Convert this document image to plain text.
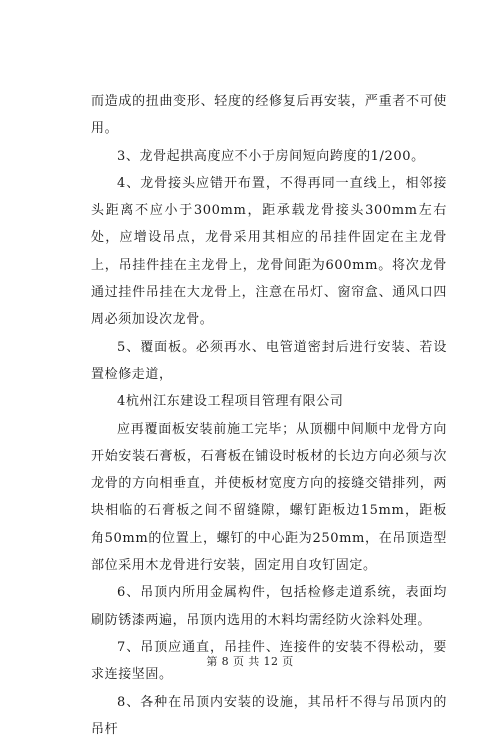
而造成的扭曲变形、轻度的经修复后再安装，严重者不可使用。

3、龙骨起拱高度应不小于房间短向跨度的1/200。

4、龙骨接头应错开布置，不得再同一直线上，相邻接头距离不应小于300mm，距承载龙骨接头300mm左右处，应增设吊点，龙骨采用其相应的吊挂件固定在主龙骨上，吊挂件挂在主龙骨上，龙骨间距为600mm。将次龙骨通过挂件吊挂在大龙骨上，注意在吊灯、窗帘盒、通风口四周必须加设次龙骨。

5、覆面板。必须再水、电管道密封后进行安装、若设置检修走道，

4杭州江东建设工程项目管理有限公司

应再覆面板安装前施工完毕；从顶棚中间顺中龙骨方向开始安装石膏板，石膏板在铺设时板材的长边方向必须与次龙骨的方向相垂直，并使板材宽度方向的接缝交错排列，两块相临的石膏板之间不留缝隙，螺钉距板边15mm，距板角50mm的位置上，螺钉的中心距为250mm，在吊顶造型部位采用木龙骨进行安装，固定用自攻钉固定。

6、吊顶内所用金属构件，包括检修走道系统，表面均刷防锈漆两遍，吊顶内选用的木料均需经防火涂料处理。

7、吊顶应通直，吊挂件、连接件的安装不得松动，要求连接坚固。

8、各种在吊顶内安装的设施，其吊杆不得与吊顶内的吊杆

第 8 页 共 12 页
